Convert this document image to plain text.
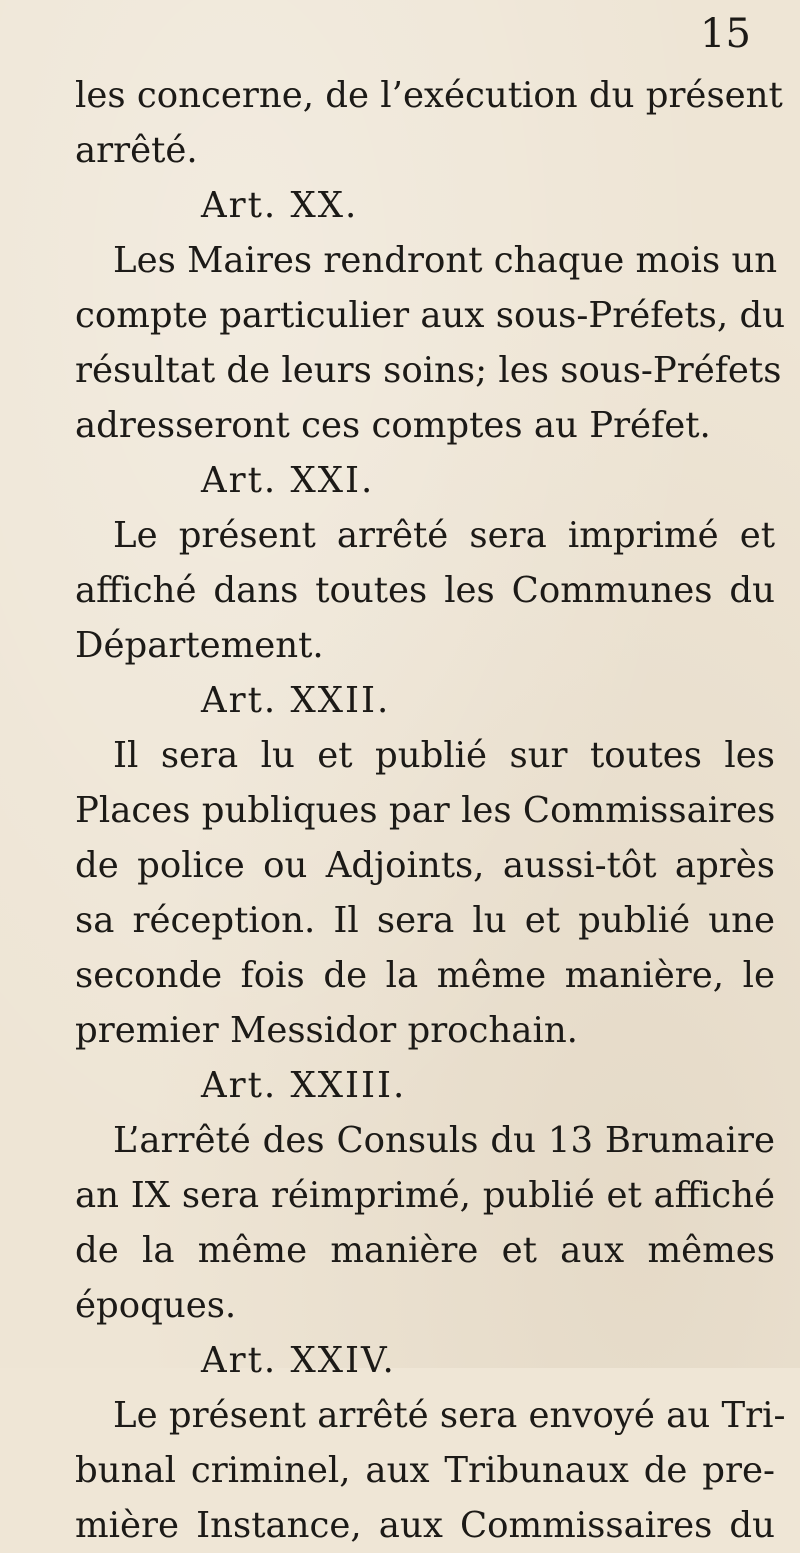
15
les concerne, de l’exécution du présent
arrêté.
Art. XX.
Les Maires rendront chaque mois un
compte particulier aux sous-Préfets, du
résultat de leurs soins; les sous-Préfets
adresseront ces comptes au Préfet.
Art. XXI.
Le présent arrêté sera imprimé et
affiché dans toutes les Communes du
Département.
Art. XXII.
Il sera lu et publié sur toutes les
Places publiques par les Commissaires
de police ou Adjoints, aussi-tôt après
sa réception. Il sera lu et publié une
seconde fois de la même manière, le
premier Messidor prochain.
Art. XXIII.
L’arrêté des Consuls du 13 Brumaire
an IX sera réimprimé, publié et affiché
de la même manière et aux mêmes
époques.
Art. XXIV.
Le présent arrêté sera envoyé au Tri-
bunal criminel, aux Tribunaux de pre-
mière Instance, aux Commissaires du
